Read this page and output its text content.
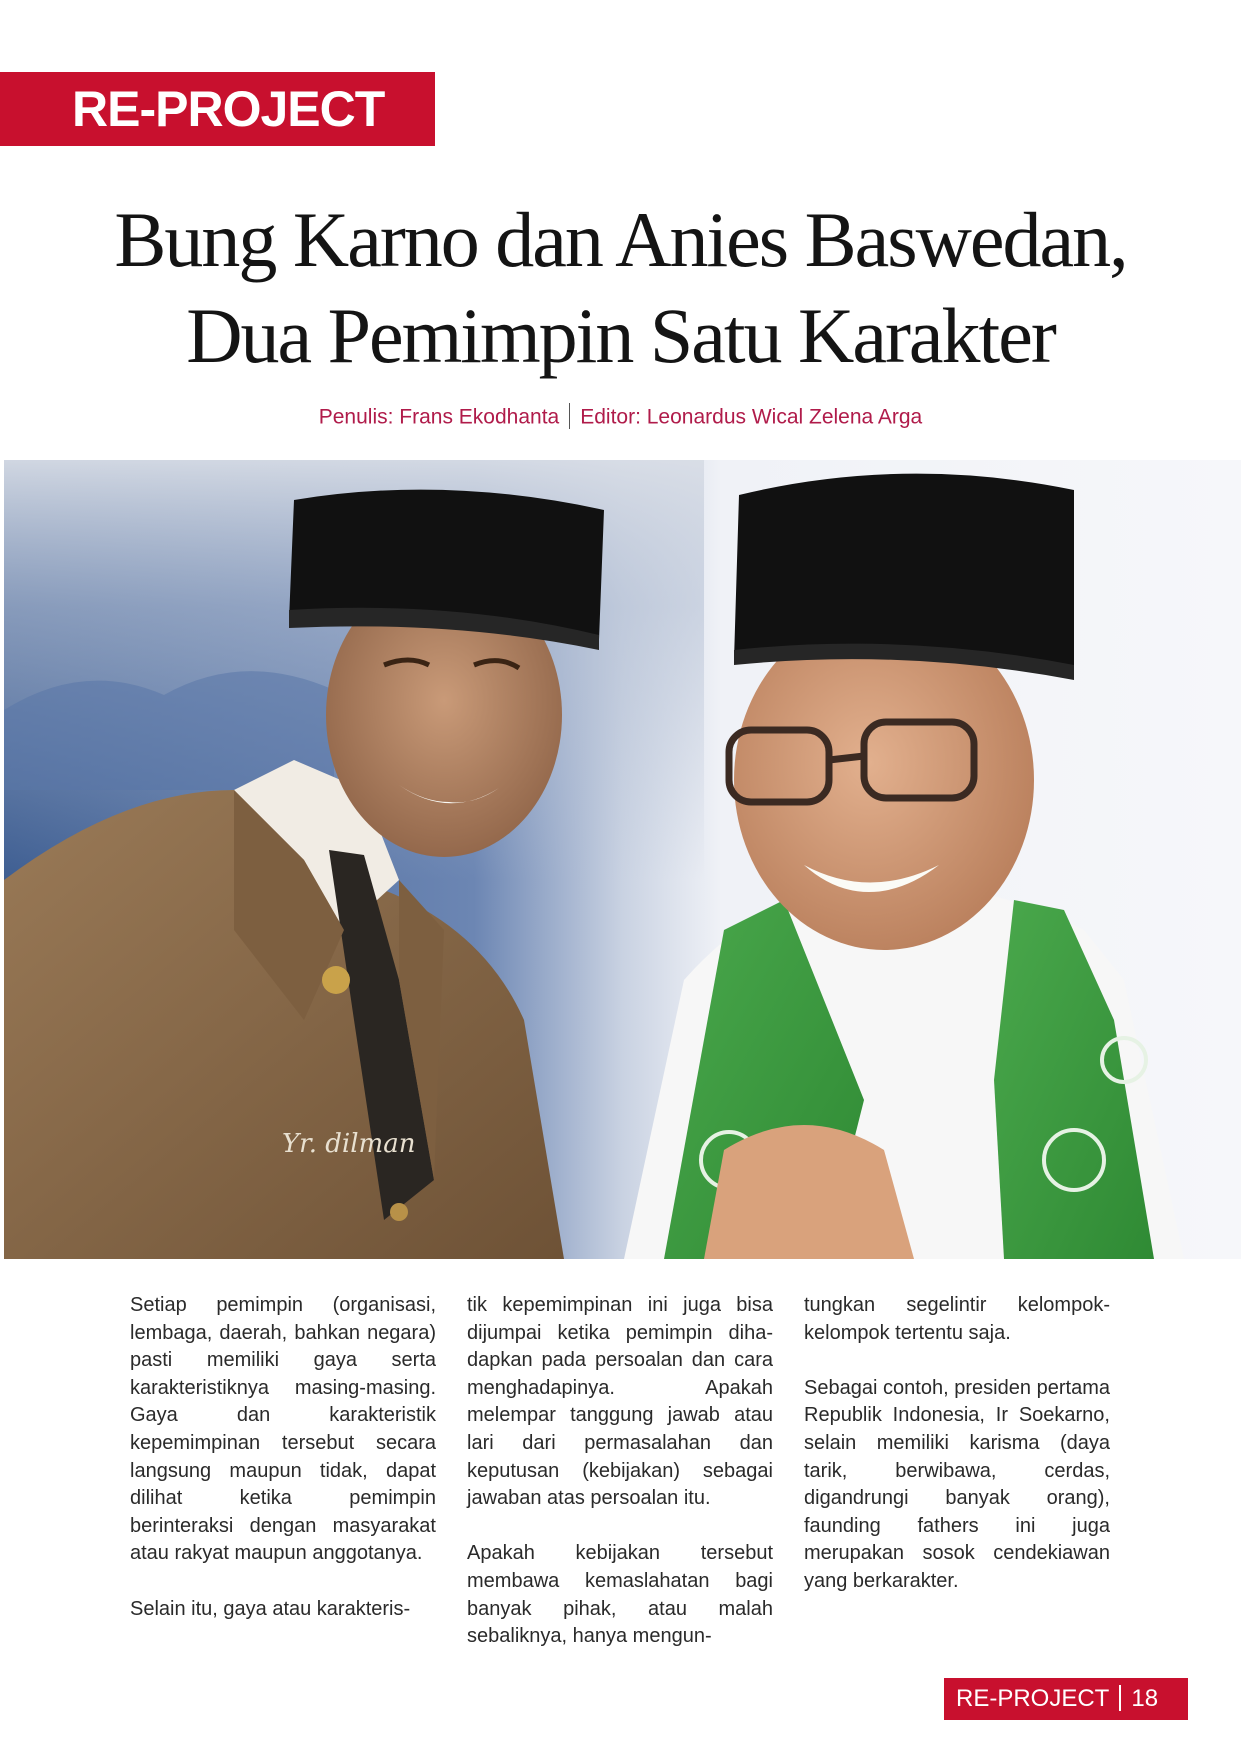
RE-PROJECT
Bung Karno dan Anies Baswedan,
Dua Pemimpin Satu Karakter
Penulis: Frans Ekodhanta Editor: Leonardus Wical Zelena Arga
Yr. dilman

Setiap pemimpin (organisasi, lembaga, daerah, bahkan negara) pasti memiliki gaya serta karakteristiknya masing-masing. Gaya dan karakteristik kepemimpinan tersebut secara langsung maupun tidak, dapat dilihat ketika pemimpin berinteraksi dengan masyarakat atau rakyat maupun anggotanya.

Selain itu, gaya atau karakteris-

tik kepemimpinan ini juga bisa dijumpai ketika pemimpin diha- dapkan pada persoalan dan cara menghadapinya. Apakah melempar tanggung jawab atau lari dari permasalahan dan keputusan (kebijakan) sebagai jawaban atas persoalan itu.

Apakah kebijakan tersebut membawa kemaslahatan bagi banyak pihak, atau malah sebaliknya, hanya mengun-

tungkan segelintir kelompok-kelompok tertentu saja.

Sebagai contoh, presiden pertama Republik Indonesia, Ir Soekarno, selain memiliki karisma (daya tarik, berwibawa, cerdas, digandrungi banyak orang), faunding fathers ini juga merupakan sosok cendekiawan yang berkarakter.

RE-PROJECT 18
